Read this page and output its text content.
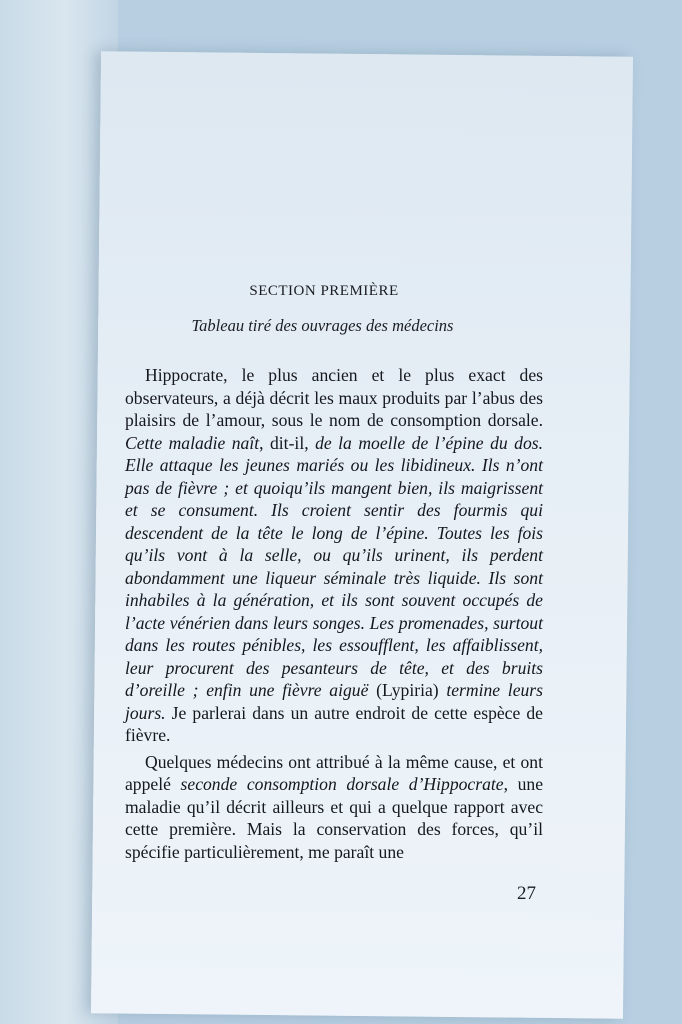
SECTION PREMIÈRE
Tableau tiré des ouvrages des médecins

Hippocrate, le plus ancien et le plus exact des observateurs, a déjà décrit les maux produits par l’abus des plaisirs de l’amour, sous le nom de consomption dorsale. Cette maladie naît, dit-il, de la moelle de l’épine du dos. Elle attaque les jeunes mariés ou les libidineux. Ils n’ont pas de fièvre ; et quoiqu’ils mangent bien, ils maigrissent et se consument. Ils croient sentir des fourmis qui descendent de la tête le long de l’épine. Toutes les fois qu’ils vont à la selle, ou qu’ils urinent, ils perdent abondamment une liqueur séminale très liquide. Ils sont inhabiles à la génération, et ils sont souvent occupés de l’acte vénérien dans leurs songes. Les promenades, surtout dans les routes pénibles, les essoufflent, les affaiblissent, leur procurent des pesanteurs de tête, et des bruits d’oreille ; enfin une fièvre aiguë (Lypiria) termine leurs jours. Je parlerai dans un autre endroit de cette espèce de fièvre.

Quelques médecins ont attribué à la même cause, et ont appelé seconde consomption dorsale d’Hippocrate, une maladie qu’il décrit ailleurs et qui a quelque rapport avec cette première. Mais la conservation des forces, qu’il spécifie particulièrement, me paraît une

27
